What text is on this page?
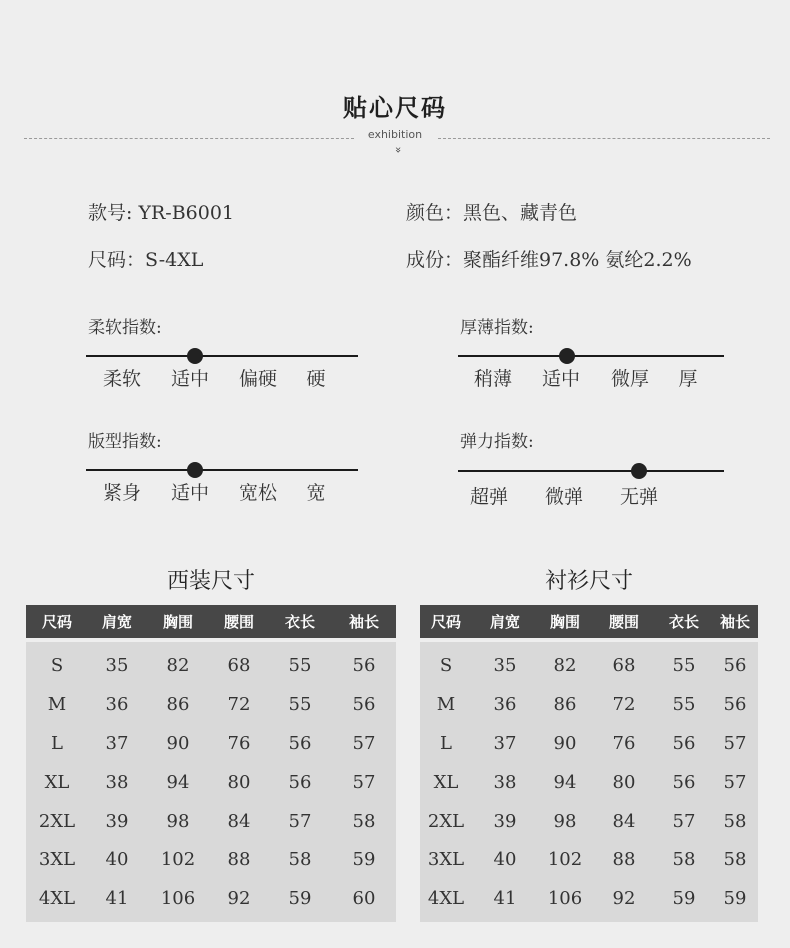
贴心尺码
exhibition
»
款号: YR-B6001	颜色：黑色、藏青色
尺码：S-4XL	成份：聚酯纤维97.8% 氨纶2.2%
柔软指数:
柔软 适中 偏硬 硬
厚薄指数:
稍薄 适中 微厚 厚
版型指数:
紧身 适中 宽松 宽
弹力指数:
超弹 微弹 无弹
西装尺寸
尺码	肩宽	胸围	腰围	衣长	袖长
S	35	82	68	55	56
M	36	86	72	55	56
L	37	90	76	56	57
XL	38	94	80	56	57
2XL	39	98	84	57	58
3XL	40	102	88	58	59
4XL	41	106	92	59	60
衬衫尺寸
尺码	肩宽	胸围	腰围	衣长	袖长
S	35	82	68	55	56
M	36	86	72	55	56
L	37	90	76	56	57
XL	38	94	80	56	57
2XL	39	98	84	57	58
3XL	40	102	88	58	58
4XL	41	106	92	59	59
